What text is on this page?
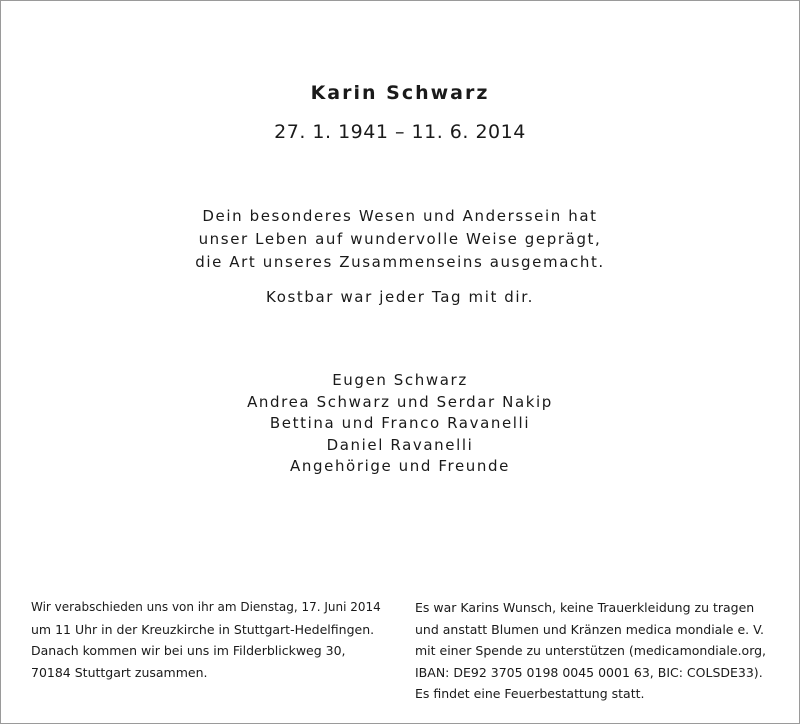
Karin Schwarz
27. 1. 1941 – 11. 6. 2014
Dein besonderes Wesen und Anderssein hat
unser Leben auf wundervolle Weise geprägt,
die Art unseres Zusammenseins ausgemacht.
Kostbar war jeder Tag mit dir.
Eugen Schwarz
Andrea Schwarz und Serdar Nakip
Bettina und Franco Ravanelli
Daniel Ravanelli
Angehörige und Freunde
Wir verabschieden uns von ihr am Dienstag, 17. Juni 2014
um 11 Uhr in der Kreuzkirche in Stuttgart-Hedelfingen.
Danach kommen wir bei uns im Filderblickweg 30,
70184 Stuttgart zusammen.
Es war Karins Wunsch, keine Trauerkleidung zu tragen
und anstatt Blumen und Kränzen medica mondiale e. V.
mit einer Spende zu unterstützen (medicamondiale.org,
IBAN: DE92 3705 0198 0045 0001 63, BIC: COLSDE33).
Es findet eine Feuerbestattung statt.
